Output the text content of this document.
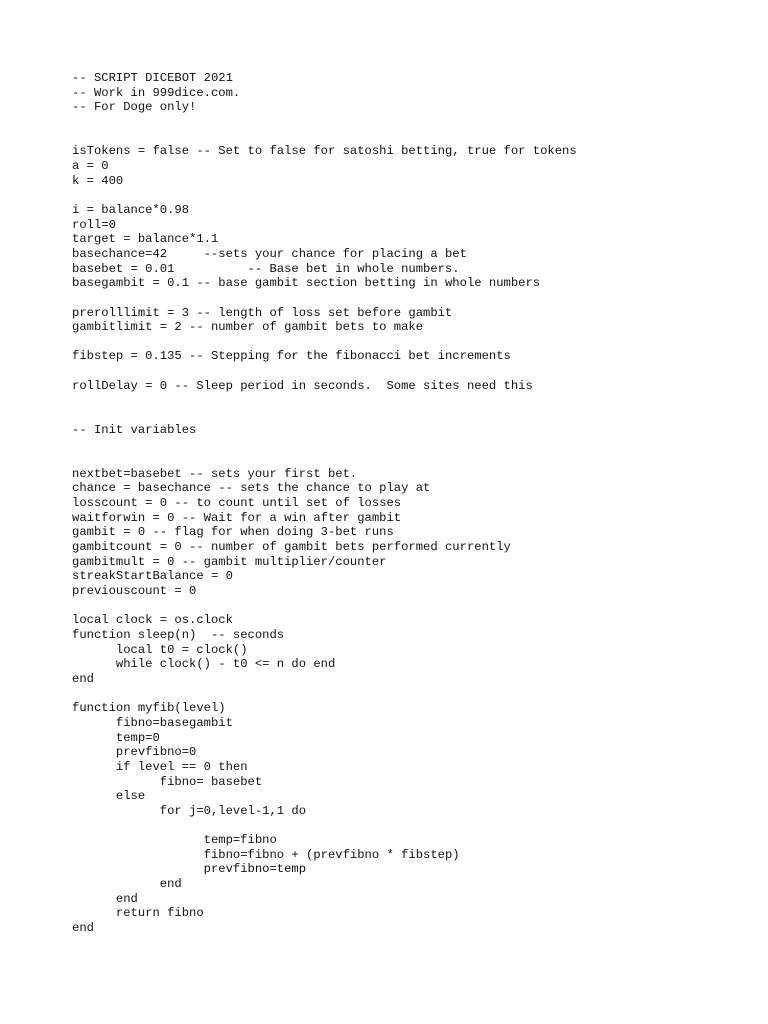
-- SCRIPT DICEBOT 2021
-- Work in 999dice.com.
-- For Doge only!
isTokens = false -- Set to false for satoshi betting, true for tokens
a = 0
k = 400
i = balance*0.98
roll=0
target = balance*1.1
basechance=42     --sets your chance for placing a bet
basebet = 0.01          -- Base bet in whole numbers.
basegambit = 0.1 -- base gambit section betting in whole numbers
prerolllimit = 3 -- length of loss set before gambit
gambitlimit = 2 -- number of gambit bets to make
fibstep = 0.135 -- Stepping for the fibonacci bet increments
rollDelay = 0 -- Sleep period in seconds.  Some sites need this
-- Init variables
nextbet=basebet -- sets your first bet.
chance = basechance -- sets the chance to play at
losscount = 0 -- to count until set of losses
waitforwin = 0 -- Wait for a win after gambit
gambit = 0 -- flag for when doing 3-bet runs
gambitcount = 0 -- number of gambit bets performed currently
gambitmult = 0 -- gambit multiplier/counter
streakStartBalance = 0
previouscount = 0
local clock = os.clock
function sleep(n)  -- seconds
local t0 = clock()
while clock() - t0 <= n do end
end
function myfib(level)
fibno=basegambit
temp=0
prevfibno=0
if level == 0 then
fibno= basebet
else
for j=0,level-1,1 do
temp=fibno
fibno=fibno + (prevfibno * fibstep)
prevfibno=temp
end
end
return fibno
end
